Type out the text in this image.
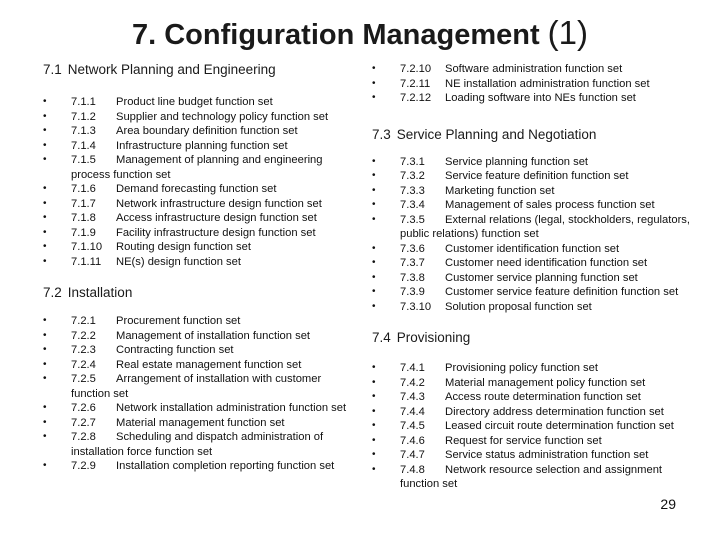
7. Configuration Management (1)

7.1 Network Planning and Engineering

• 7.1.1 Product line budget function set
• 7.1.2 Supplier and technology policy function set
• 7.1.3 Area boundary definition function set
• 7.1.4 Infrastructure planning function set
• 7.1.5 Management of planning and engineering process function set
• 7.1.6 Demand forecasting function set
• 7.1.7 Network infrastructure design function set
• 7.1.8 Access infrastructure design function set
• 7.1.9 Facility infrastructure design function set
• 7.1.10 Routing design function set
• 7.1.11 NE(s) design function set

7.2 Installation

• 7.2.1 Procurement function set
• 7.2.2 Management of installation function set
• 7.2.3 Contracting function set
• 7.2.4 Real estate management function set
• 7.2.5 Arrangement of installation with customer function set
• 7.2.6 Network installation administration function set
• 7.2.7 Material management function set
• 7.2.8 Scheduling and dispatch administration of installation force function set
• 7.2.9 Installation completion reporting function set
• 7.2.10 Software administration function set
• 7.2.11 NE installation administration function set
• 7.2.12 Loading software into NEs function set

7.3 Service Planning and Negotiation

• 7.3.1 Service planning function set
• 7.3.2 Service feature definition function set
• 7.3.3 Marketing function set
• 7.3.4 Management of sales process function set
• 7.3.5 External relations (legal, stockholders, regulators, public relations) function set
• 7.3.6 Customer identification function set
• 7.3.7 Customer need identification function set
• 7.3.8 Customer service planning function set
• 7.3.9 Customer service feature definition function set
• 7.3.10 Solution proposal function set

7.4 Provisioning

• 7.4.1 Provisioning policy function set
• 7.4.2 Material management policy function set
• 7.4.3 Access route determination function set
• 7.4.4 Directory address determination function set
• 7.4.5 Leased circuit route determination function set
• 7.4.6 Request for service function set
• 7.4.7 Service status administration function set
• 7.4.8 Network resource selection and assignment function set
29
